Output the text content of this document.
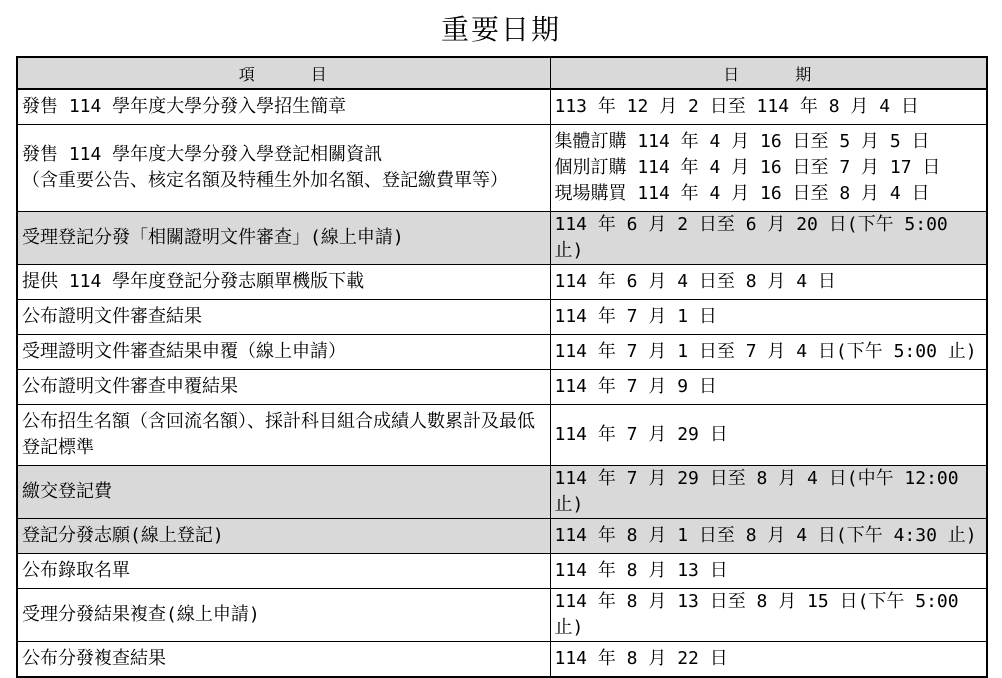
重要日期
項　　　目	日　　　期
發售 114 學年度大學分發入學招生簡章	113 年 12 月 2 日至 114 年 8 月 4 日
發售 114 學年度大學分發入學登記相關資訊
（含重要公告、核定名額及特種生外加名額、登記繳費單等）	集體訂購 114 年 4 月 16 日至 5 月 5 日
個別訂購 114 年 4 月 16 日至 7 月 17 日
現場購買 114 年 4 月 16 日至 8 月 4 日
受理登記分發「相關證明文件審查」(線上申請)	114 年 6 月 2 日至 6 月 20 日(下午 5:00 止)
提供 114 學年度登記分發志願單機版下載	114 年 6 月 4 日至 8 月 4 日
公布證明文件審查結果	114 年 7 月 1 日
受理證明文件審查結果申覆（線上申請）	114 年 7 月 1 日至 7 月 4 日(下午 5:00 止)
公布證明文件審查申覆結果	114 年 7 月 9 日
公布招生名額（含回流名額）、採計科目組合成績人數累計及最低登記標準	114 年 7 月 29 日
繳交登記費	114 年 7 月 29 日至 8 月 4 日(中午 12:00 止)
登記分發志願(線上登記)	114 年 8 月 1 日至 8 月 4 日(下午 4:30 止)
公布錄取名單	114 年 8 月 13 日
受理分發結果複查(線上申請)	114 年 8 月 13 日至 8 月 15 日(下午 5:00 止)
公布分發複查結果	114 年 8 月 22 日
